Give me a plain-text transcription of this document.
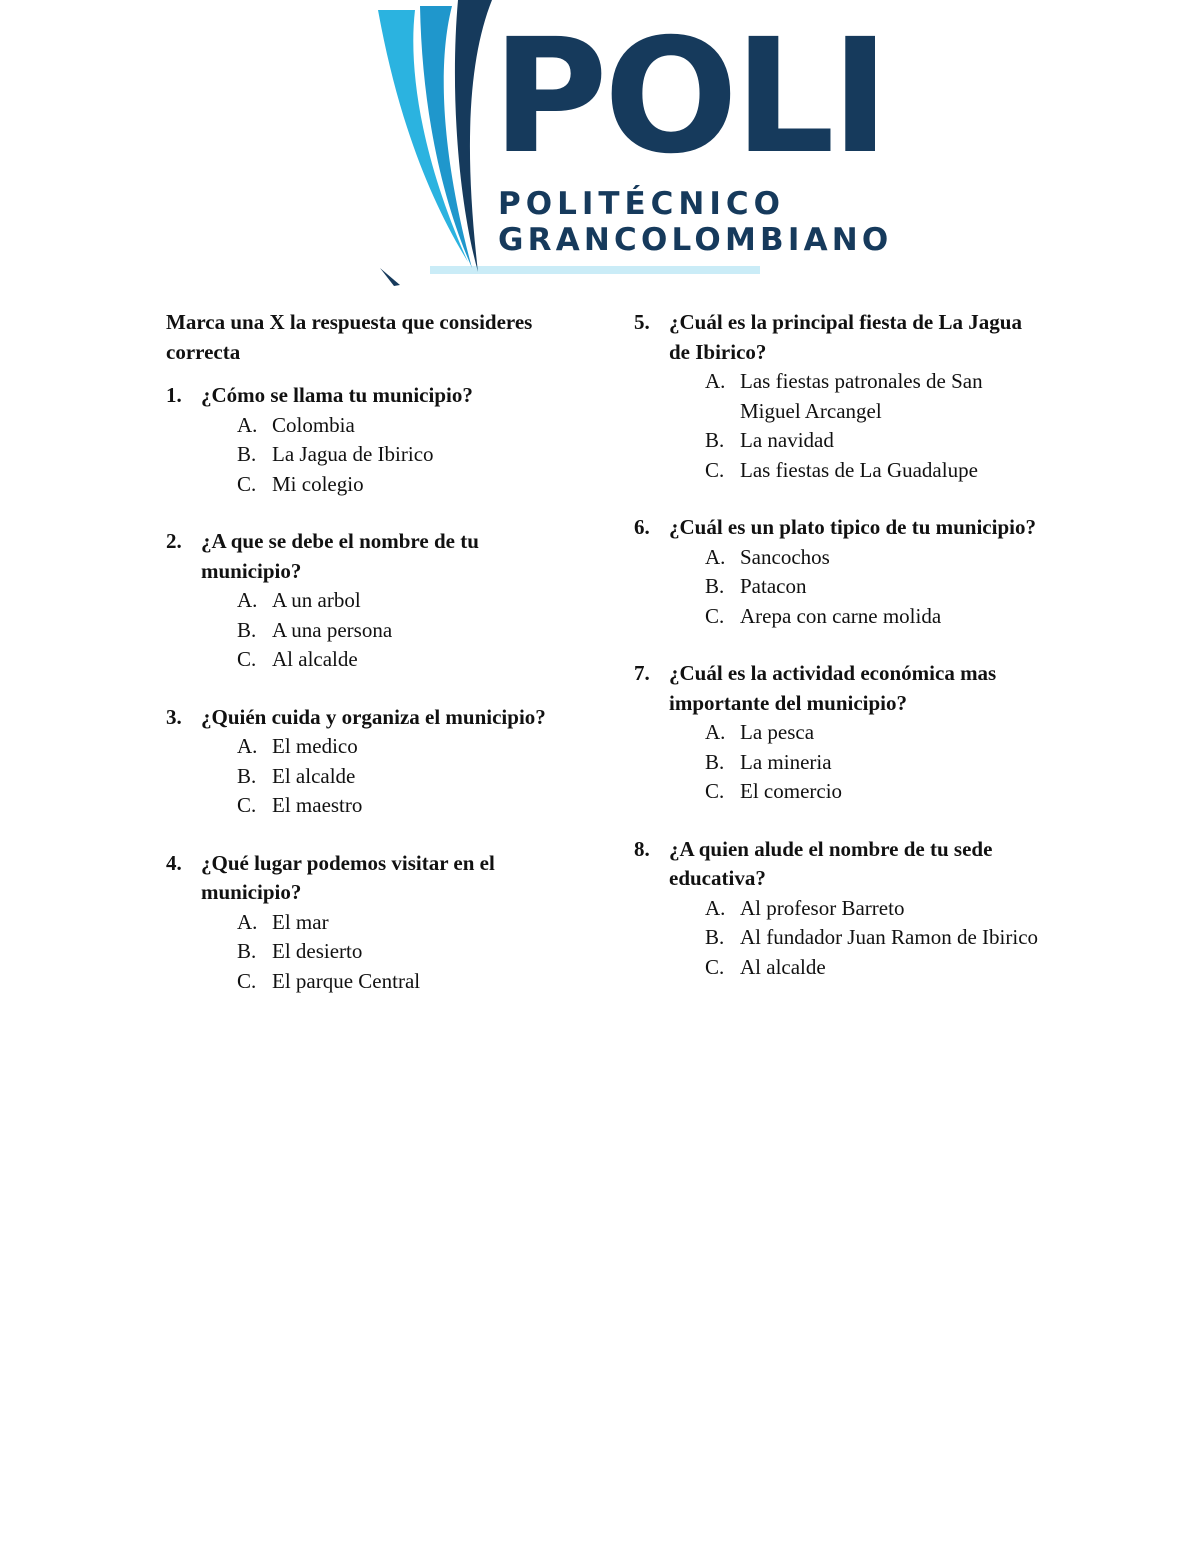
POLI
POLITÉCNICO
GRANCOLOMBIANO
Marca una X la respuesta que consideres correcta
1. ¿Cómo se llama tu municipio?
A. Colombia
B. La Jagua de Ibirico
C. Mi colegio
2. ¿A que se debe el nombre de tu municipio?
A. A un arbol
B. A una persona
C. Al alcalde
3. ¿Quién cuida y organiza el municipio?
A. El medico
B. El alcalde
C. El maestro
4. ¿Qué lugar podemos visitar en el municipio?
A. El mar
B. El desierto
C. El parque Central
5. ¿Cuál es la principal fiesta de La Jagua de Ibirico?
A. Las fiestas patronales de San Miguel Arcangel
B. La navidad
C. Las fiestas de La Guadalupe
6. ¿Cuál es un plato tipico de tu municipio?
A. Sancochos
B. Patacon
C. Arepa con carne molida
7. ¿Cuál es la actividad económica mas importante del municipio?
A. La pesca
B. La mineria
C. El comercio
8. ¿A quien alude el nombre de tu sede educativa?
A. Al profesor Barreto
B. Al fundador Juan Ramon de Ibirico
C. Al alcalde
